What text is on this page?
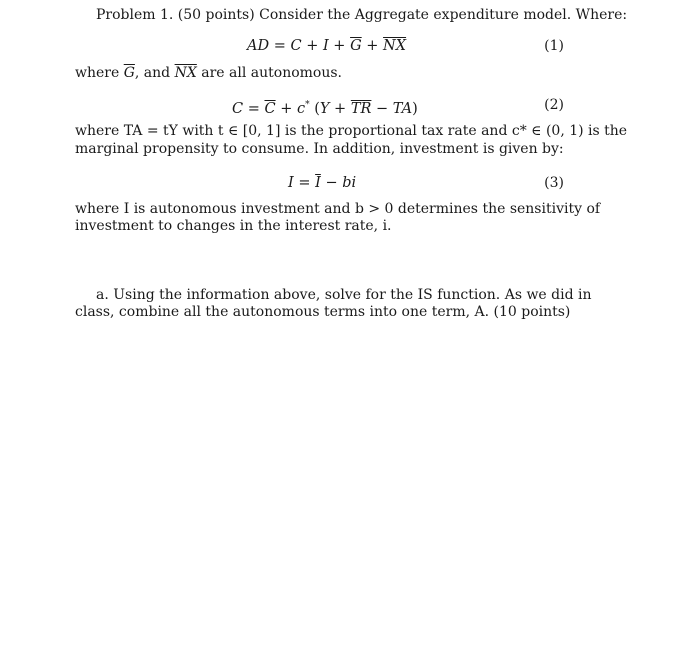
Problem 1. (50 points) Consider the Aggregate expenditure model. Where:
AD = $C + I + \overline{G} + \overline{NX}$	(1)
where $\overline{G}$, and $\overline{NX}$ are all autonomous.
$C = \overline{C} + c^*$ $(Y + \overline{TR} - TA)$	(2)
where TA = tY with t ∈ [0, 1] is the proportional tax rate and c* ∈ (0, 1) is the
marginal propensity to consume. In addition, investment is given by:
$I = \overline{I}$ − bi	(3)
where I is autonomous investment and b > 0 determines the sensitivity of
investment to changes in the interest rate, i.
a. Using the information above, solve for the IS function. As we did in
class, combine all the autonomous terms into one term, A. (10 points)
